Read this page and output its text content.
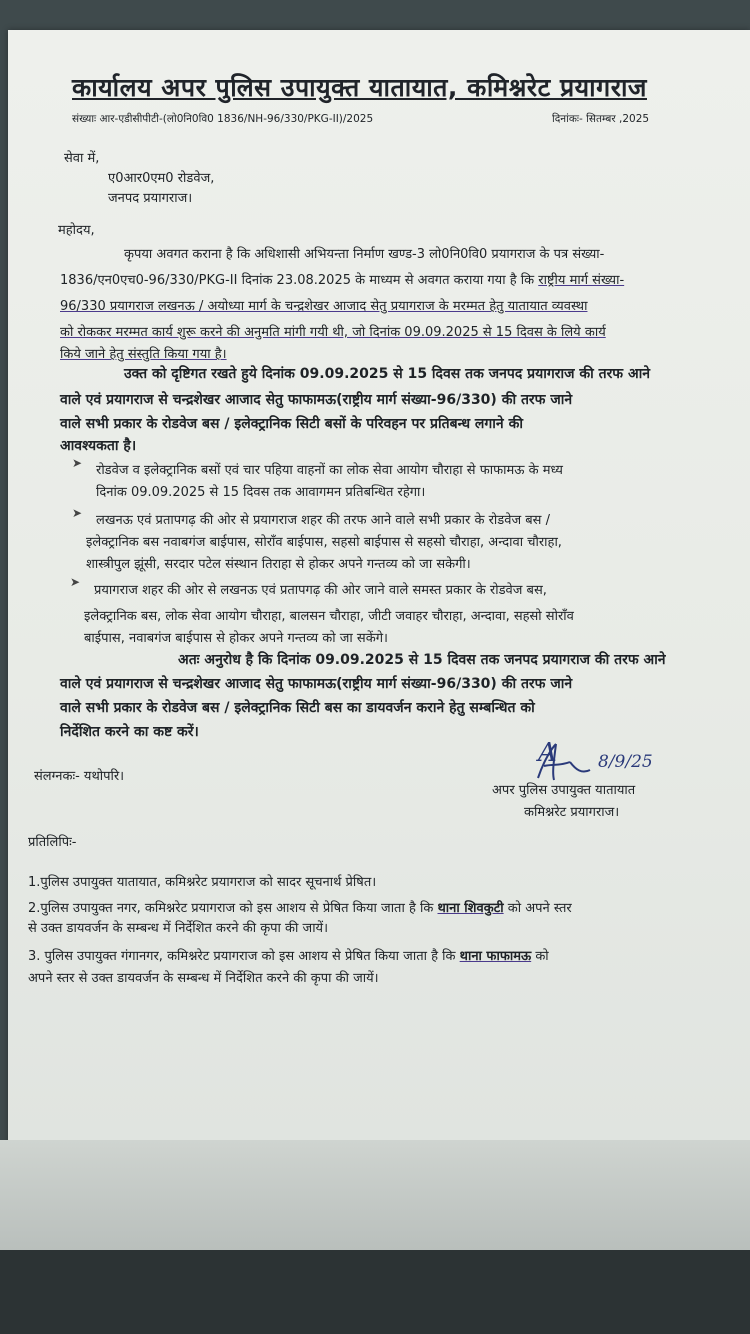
कार्यालय अपर पुलिस उपायुक्त यातायात, कमिश्नरेट प्रयागराज
संख्याः आर-एडीसीपीटी-(लो0नि0वि0 1836/NH-96/330/PKG-II)/2025	दिनांकः- सितम्बर ,2025
सेवा में,
ए0आर0एम0 रोडवेज,
जनपद प्रयागराज।
महोदय,
कृपया अवगत कराना है कि अधिशासी अभियन्ता निर्माण खण्ड-3 लो0नि0वि0 प्रयागराज के पत्र संख्या-
1836/एन0एच0-96/330/PKG-II दिनांक 23.08.2025 के माध्यम से अवगत कराया गया है कि राष्ट्रीय मार्ग संख्या-
96/330 प्रयागराज लखनऊ / अयोध्या मार्ग के चन्द्रशेखर आजाद सेतु प्रयागराज के मरम्मत हेतु यातायात व्यवस्था
को रोककर मरम्मत कार्य शुरू करने की अनुमति मांगी गयी थी, जो दिनांक 09.09.2025 से 15 दिवस के लिये कार्य
किये जाने हेतु संस्तुति किया गया है।
उक्त को दृष्टिगत रखते हुये दिनांक 09.09.2025 से 15 दिवस तक जनपद प्रयागराज की तरफ आने
वाले एवं प्रयागराज से चन्द्रशेखर आजाद सेतु फाफामऊ(राष्ट्रीय मार्ग संख्या-96/330) की तरफ जाने
वाले सभी प्रकार के रोडवेज बस / इलेक्ट्रानिक सिटी बसों के परिवहन पर प्रतिबन्ध लगाने की
आवश्यकता है।
➤ रोडवेज व इलेक्ट्रानिक बसों एवं चार पहिया वाहनों का लोक सेवा आयोग चौराहा से फाफामऊ के मध्य
दिनांक 09.09.2025 से 15 दिवस तक आवागमन प्रतिबन्धित रहेगा।
➤ लखनऊ एवं प्रतापगढ़ की ओर से प्रयागराज शहर की तरफ आने वाले सभी प्रकार के रोडवेज बस /
इलेक्ट्रानिक बस नवाबगंज बाईपास, सोराँव बाईपास, सहसो बाईपास से सहसो चौराहा, अन्दावा चौराहा,
शास्त्रीपुल झूंसी, सरदार पटेल संस्थान तिराहा से होकर अपने गन्तव्य को जा सकेगी।
➤
प्रयागराज शहर की ओर से लखनऊ एवं प्रतापगढ़ की ओर जाने वाले समस्त प्रकार के रोडवेज बस,
इलेक्ट्रानिक बस, लोक सेवा आयोग चौराहा, बालसन चौराहा, जीटी जवाहर चौराहा, अन्दावा, सहसो सोराँव
बाईपास, नवाबगंज बाईपास से होकर अपने गन्तव्य को जा सकेंगे।
अतः अनुरोध है कि दिनांक 09.09.2025 से 15 दिवस तक जनपद प्रयागराज की तरफ आने
वाले एवं प्रयागराज से चन्द्रशेखर आजाद सेतु फाफामऊ(राष्ट्रीय मार्ग संख्या-96/330) की तरफ जाने
वाले सभी प्रकार के रोडवेज बस / इलेक्ट्रानिक सिटी बस का डायवर्जन कराने हेतु सम्बन्धित को
निर्देशित करने का कष्ट करें।
संलग्नकः- यथोपरि।
A 8/9/25
अपर पुलिस उपायुक्त यातायात
कमिश्नरेट प्रयागराज।
प्रतिलिपिः-
1.पुलिस उपायुक्त यातायात, कमिश्नरेट प्रयागराज को सादर सूचनार्थ प्रेषित।
2.पुलिस उपायुक्त नगर, कमिश्नरेट प्रयागराज को इस आशय से प्रेषित किया जाता है कि थाना शिवकुटी को अपने स्तर
से उक्त डायवर्जन के सम्बन्ध में निर्देशित करने की कृपा की जायें।
3. पुलिस उपायुक्त गंगानगर, कमिश्नरेट प्रयागराज को इस आशय से प्रेषित किया जाता है कि थाना फाफामऊ को
अपने स्तर से उक्त डायवर्जन के सम्बन्ध में निर्देशित करने की कृपा की जायें।
